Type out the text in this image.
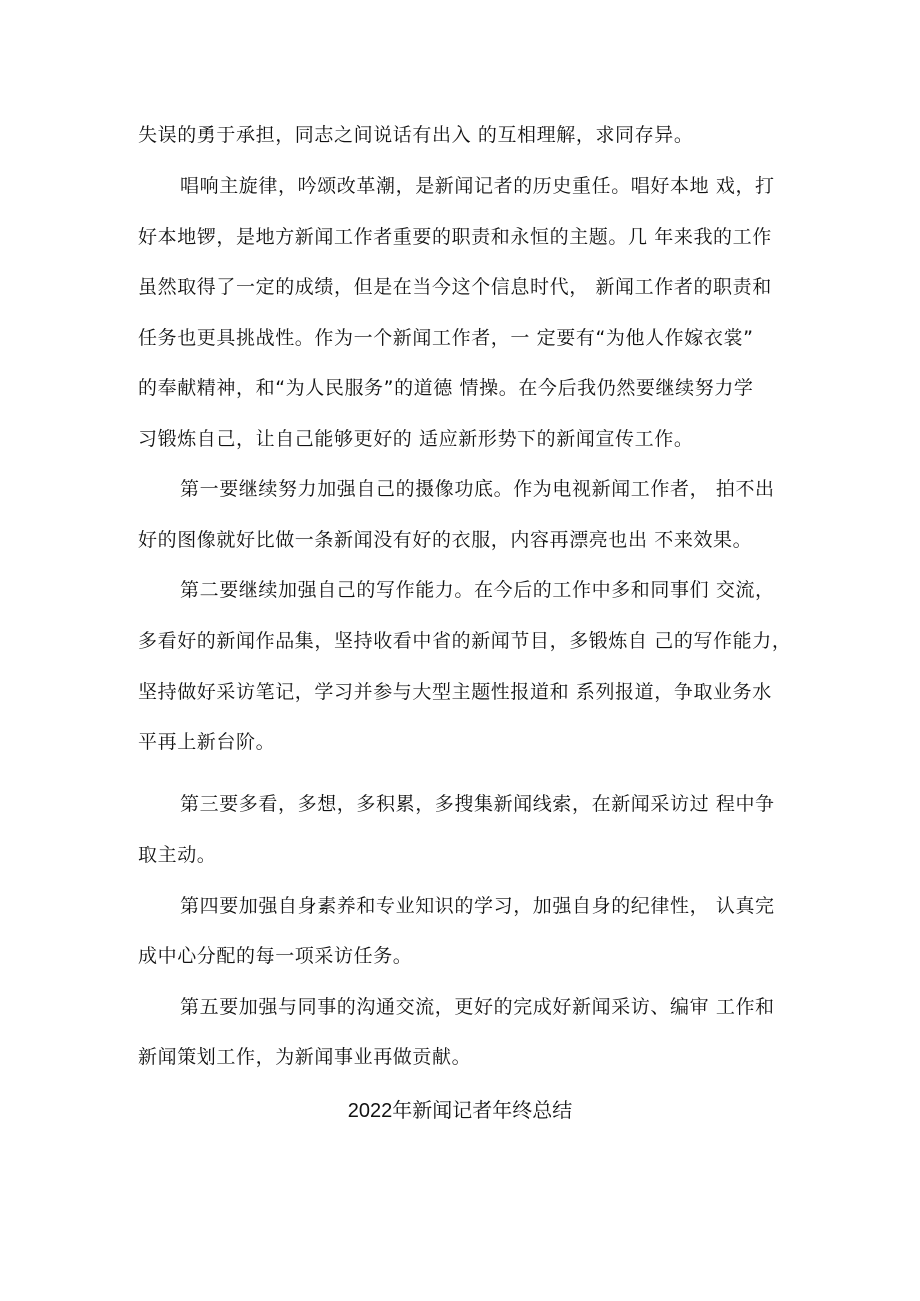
失误的勇于承担，同志之间说话有出入 的互相理解，求同存异。
唱响主旋律，吟颂改革潮，是新闻记者的历史重任。唱好本地 戏，打
好本地锣，是地方新闻工作者重要的职责和永恒的主题。几 年来我的工作
虽然取得了一定的成绩，但是在当今这个信息时代， 新闻工作者的职责和
任务也更具挑战性。作为一个新闻工作者，一 定要有“为他人作嫁衣裳”
的奉献精神，和“为人民服务”的道德 情操。在今后我仍然要继续努力学
习锻炼自己，让自己能够更好的 适应新形势下的新闻宣传工作。
第一要继续努力加强自己的摄像功底。作为电视新闻工作者， 拍不出
好的图像就好比做一条新闻没有好的衣服，内容再漂亮也出 不来效果。
第二要继续加强自己的写作能力。在今后的工作中多和同事们 交流，
多看好的新闻作品集，坚持收看中省的新闻节目，多锻炼自 己的写作能力，
坚持做好采访笔记，学习并参与大型主题性报道和 系列报道，争取业务水
平再上新台阶。
第三要多看，多想，多积累，多搜集新闻线索，在新闻采访过 程中争
取主动。
第四要加强自身素养和专业知识的学习，加强自身的纪律性， 认真完
成中心分配的每一项采访任务。
第五要加强与同事的沟通交流，更好的完成好新闻采访、编审 工作和
新闻策划工作，为新闻事业再做贡献。
2022年新闻记者年终总结
